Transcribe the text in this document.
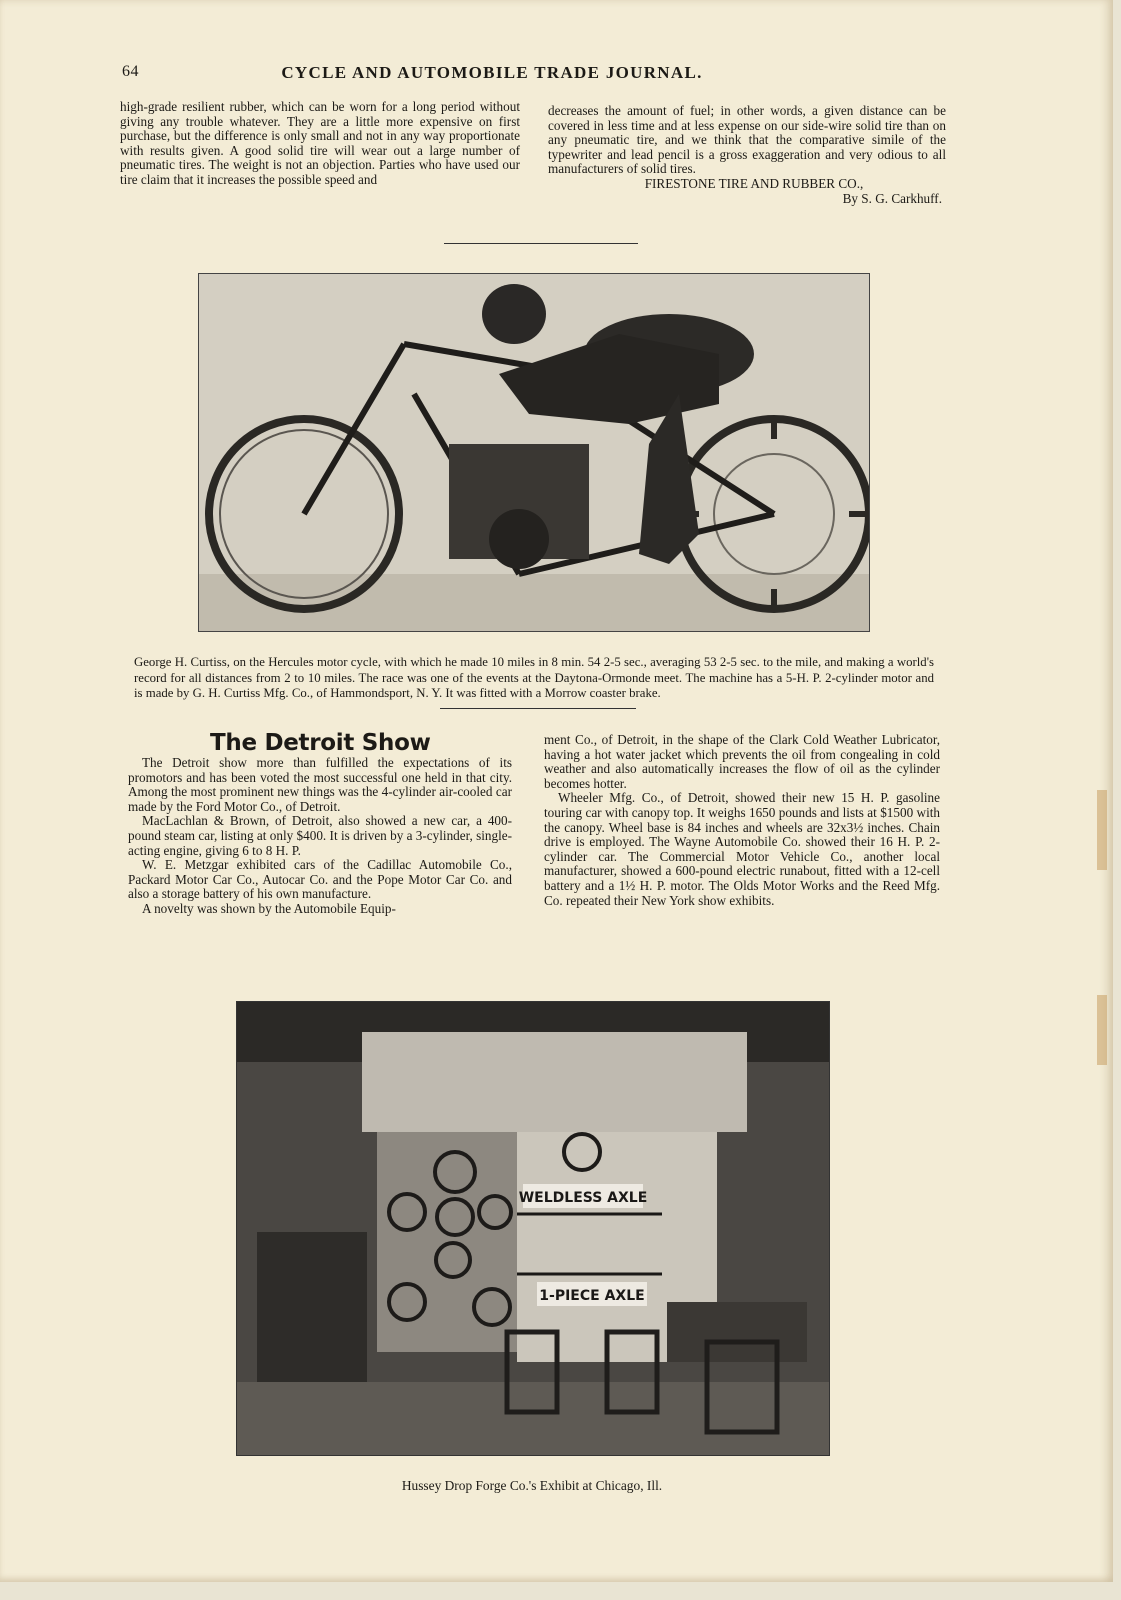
64	CYCLE AND AUTOMOBILE TRADE JOURNAL.

high-grade resilient rubber, which can be worn for a long period without giving any trouble whatever. They are a little more expensive on first purchase, but the difference is only small and not in any way proportionate with results given. A good solid tire will wear out a large number of pneumatic tires. The weight is not an objection. Parties who have used our tire claim that it increases the possible speed and

decreases the amount of fuel; in other words, a given distance can be covered in less time and at less expense on our side-wire solid tire than on any pneumatic tire, and we think that the comparative simile of the typewriter and lead pencil is a gross exaggeration and very odious to all manufacturers of solid tires.

FIRESTONE TIRE AND RUBBER CO.,

By S. G. Carkhuff.

George H. Curtiss, on the Hercules motor cycle, with which he made 10 miles in 8 min. 54 2-5 sec., averaging 53 2-5 sec. to the mile, and making a world's record for all distances from 2 to 10 miles. The race was one of the events at the Daytona-Ormonde meet. The machine has a 5-H. P. 2-cylinder motor and is made by G. H. Curtiss Mfg. Co., of Hammondsport, N. Y. It was fitted with a Morrow coaster brake.
The Detroit Show

The Detroit show more than fulfilled the expectations of its promotors and has been voted the most successful one held in that city. Among the most prominent new things was the 4-cylinder air-cooled car made by the Ford Motor Co., of Detroit.

MacLachlan & Brown, of Detroit, also showed a new car, a 400-pound steam car, listing at only $400. It is driven by a 3-cylinder, single-acting engine, giving 6 to 8 H. P.

W. E. Metzgar exhibited cars of the Cadillac Automobile Co., Packard Motor Car Co., Autocar Co. and the Pope Motor Car Co. and also a storage battery of his own manufacture.

A novelty was shown by the Automobile Equip-

ment Co., of Detroit, in the shape of the Clark Cold Weather Lubricator, having a hot water jacket which prevents the oil from congealing in cold weather and also automatically increases the flow of oil as the cylinder becomes hotter.

Wheeler Mfg. Co., of Detroit, showed their new 15 H. P. gasoline touring car with canopy top. It weighs 1650 pounds and lists at $1500 with the canopy. Wheel base is 84 inches and wheels are 32x3½ inches. Chain drive is employed. The Wayne Automobile Co. showed their 16 H. P. 2-cylinder car. The Commercial Motor Vehicle Co., another local manufacturer, showed a 600-pound electric runabout, fitted with a 12-cell battery and a 1½ H. P. motor. The Olds Motor Works and the Reed Mfg. Co. repeated their New York show exhibits.

WELDLESS AXLE
1-PIECE AXLE
Hussey Drop Forge Co.'s Exhibit at Chicago, Ill.
